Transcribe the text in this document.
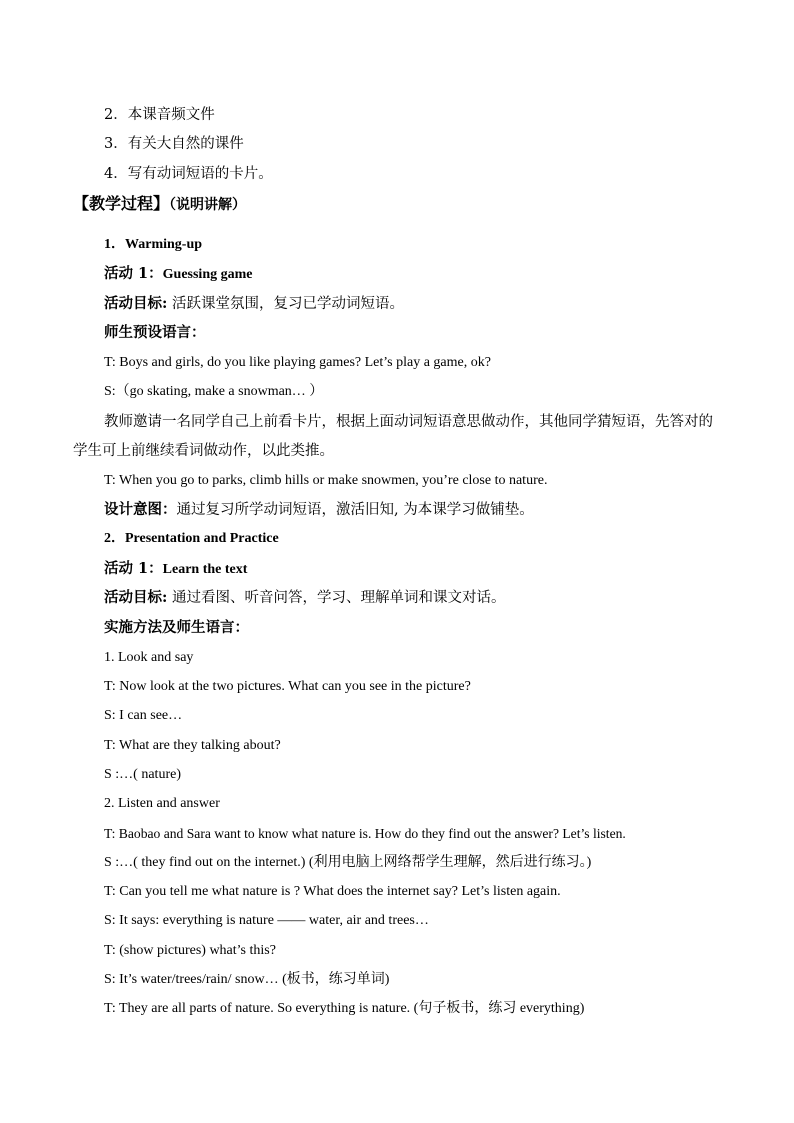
2．本课音频文件
3．有关大自然的课件
4．写有动词短语的卡片。
【教学过程】（说明讲解）
1．Warming-up
活动 1：Guessing game
活动目标: 活跃课堂氛围，复习已学动词短语。
师生预设语言：
T: Boys and girls, do you like playing games? Let’s play a game, ok?
S:（go skating, make a snowman… ）
教师邀请一名同学自己上前看卡片，根据上面动词短语意思做动作，其他同学猜短语，先答对的学生可上前继续看词做动作，以此类推。
T: When you go to parks, climb hills or make snowmen, you’re close to nature.
设计意图：通过复习所学动词短语，激活旧知, 为本课学习做铺垫。
2．Presentation and Practice
活动 1：Learn the text
活动目标: 通过看图、听音问答，学习、理解单词和课文对话。
实施方法及师生语言：
1. Look and say
T: Now look at the two pictures. What can you see in the picture?
S: I can see…
T: What are they talking about?
S :…( nature)
2. Listen and answer
T: Baobao and Sara want to know what nature is. How do they find out the answer? Let’s listen.
S :…( they find out on the internet.) (利用电脑上网络帮学生理解，然后进行练习。)
T: Can you tell me what nature is ? What does the internet say? Let’s listen again.
S: It says: everything is nature —— water, air and trees…
T: (show pictures) what’s this?
S: It’s water/trees/rain/ snow… (板书，练习单词)
T: They are all parts of nature. So everything is nature. (句子板书，练习 everything)
